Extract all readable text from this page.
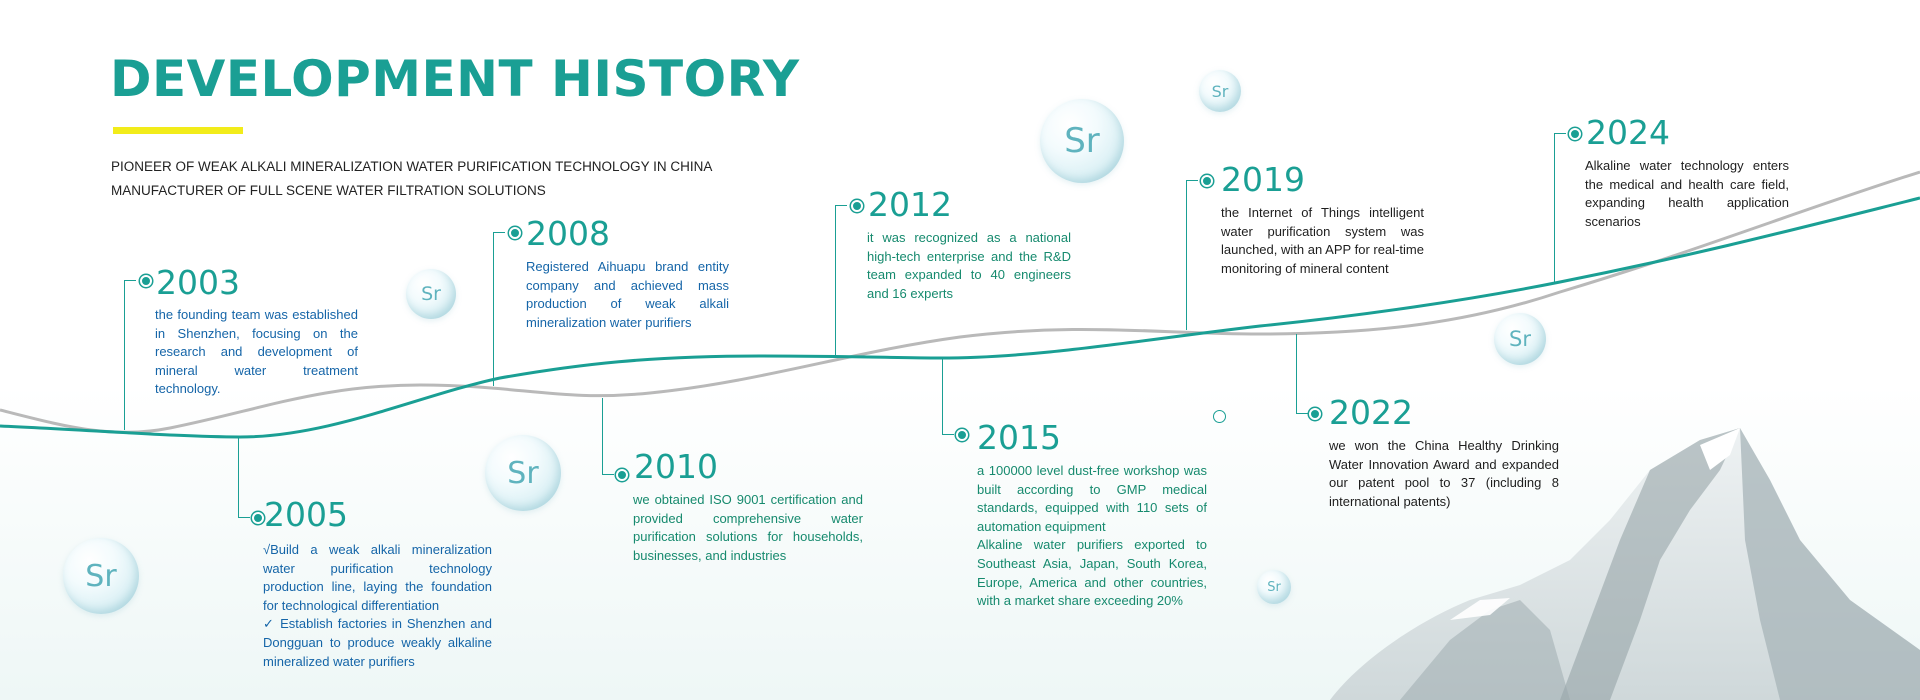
DEVELOPMENT HISTORY
PIONEER OF WEAK ALKALI MINERALIZATION WATER PURIFICATION TECHNOLOGY IN CHINA
MANUFACTURER OF FULL SCENE WATER FILTRATION SOLUTIONS
Sr
Sr
Sr
Sr
Sr
Sr
Sr
2003
the founding team was established in Shenzhen, focusing on the research and development of mineral water treatment technology.
2005
√Build a weak alkali mineralization water purification technology production line, laying the foundation for technological differentiation
✓ Establish factories in Shenzhen and Dongguan to produce weakly alkaline mineralized water purifiers
2008
Registered Aihuapu brand entity company and achieved mass production of weak alkali mineralization water purifiers
2010
we obtained ISO 9001 certification and provided comprehensive water purification solutions for households, businesses, and industries
2012
it was recognized as a national high-tech enterprise and the R&D team expanded to 40 engineers and 16 experts
2015
a 100000 level dust-free workshop was built according to GMP medical standards, equipped with 110 sets of automation equipment
Alkaline water purifiers exported to Southeast Asia, Japan, South Korea, Europe, America and other countries, with a market share exceeding 20%
2019
the Internet of Things intelligent water purification system was launched, with an APP for real-time monitoring of mineral content
2022
we won the China Healthy Drinking Water Innovation Award and expanded our patent pool to 37 (including 8 international patents)
2024
Alkaline water technology enters the medical and health care field, expanding health application scenarios
